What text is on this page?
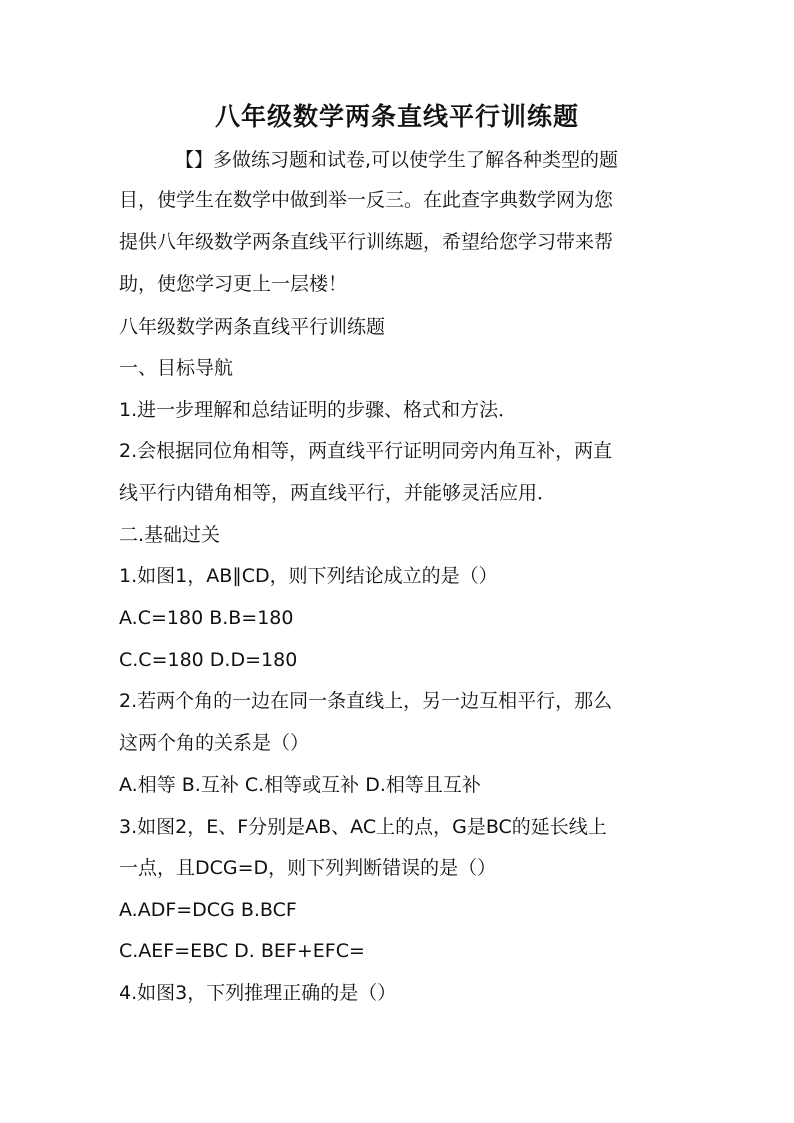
八年级数学两条直线平行训练题
【】多做练习题和试卷,可以使学生了解各种类型的题
目，使学生在数学中做到举一反三。在此查字典数学网为您
提供八年级数学两条直线平行训练题，希望给您学习带来帮
助，使您学习更上一层楼！
八年级数学两条直线平行训练题
一、目标导航
1.进一步理解和总结证明的步骤、格式和方法．
2.会根据同位角相等，两直线平行证明同旁内角互补，两直
线平行内错角相等，两直线平行，并能够灵活应用．
二.基础过关
1.如图1，AB∥CD，则下列结论成立的是（）
A.C=180 B.B=180
C.C=180 D.D=180
2.若两个角的一边在同一条直线上，另一边互相平行，那么
这两个角的关系是（）
A.相等 B.互补 C.相等或互补 D.相等且互补
3.如图2，E、F分别是AB、AC上的点，G是BC的延长线上
一点，且DCG=D，则下列判断错误的是（）
A.ADF=DCG B.BCF
C.AEF=EBC D. BEF+EFC=
4.如图3，下列推理正确的是（）
